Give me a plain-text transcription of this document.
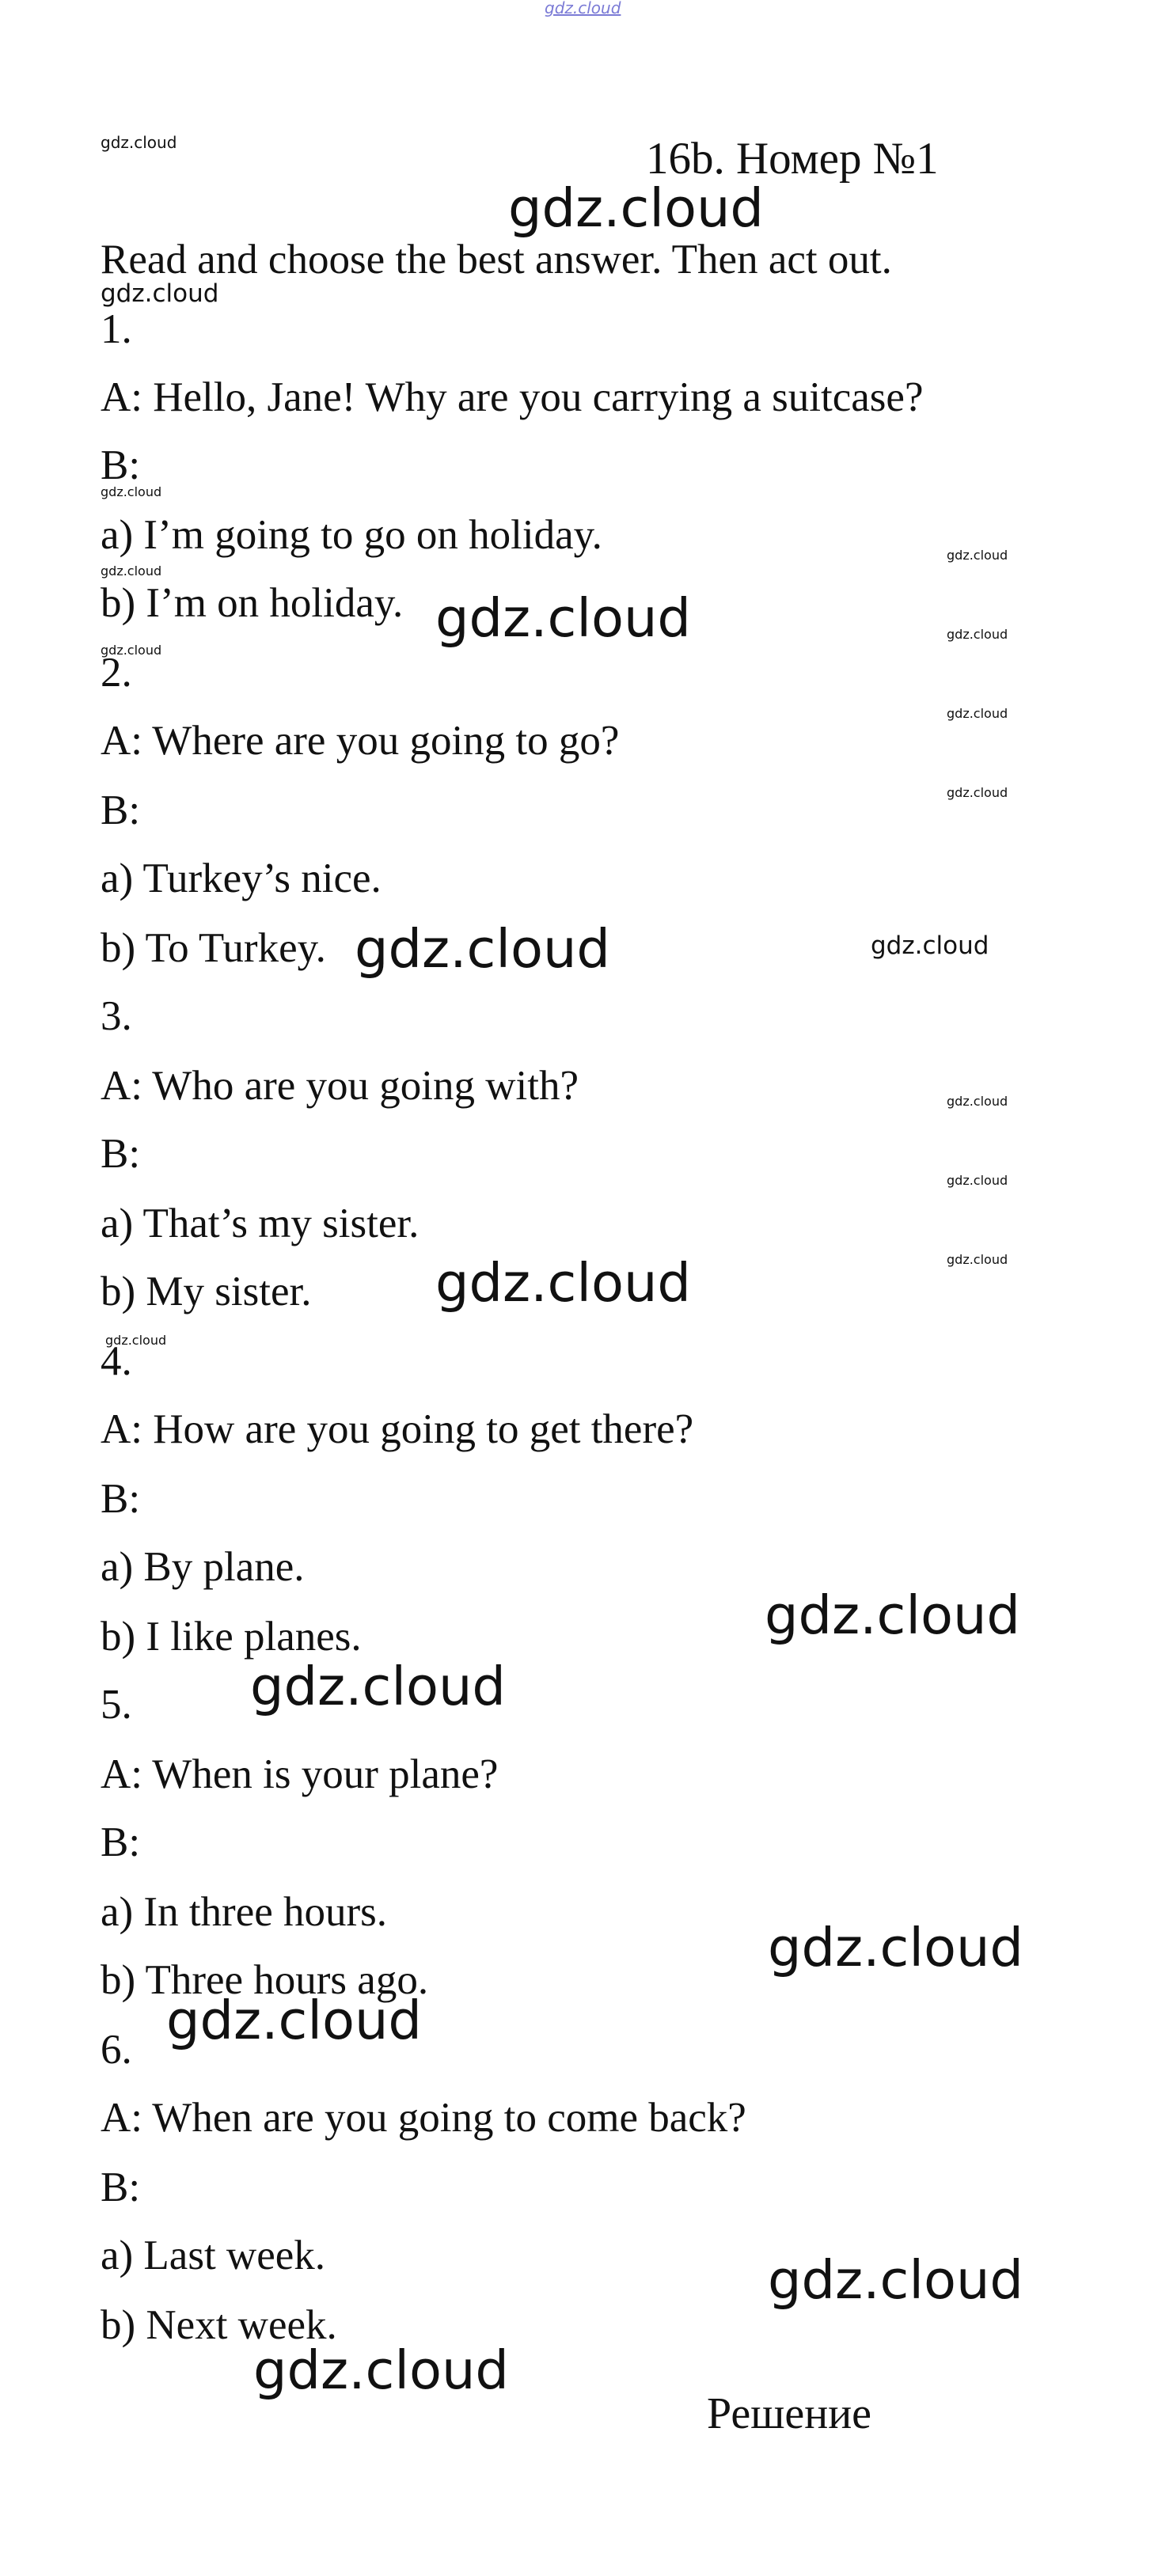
gdz.cloud
16b. Номер №1
Read and choose the best answer. Then act out.
1.
A: Hello, Jane! Why are you carrying a suitcase?
B:
a) I’m going to go on holiday.
b) I’m on holiday.
2.
A: Where are you going to go?
B:
a) Turkey’s nice.
b) To Turkey.
3.
A: Who are you going with?
B:
a) That’s my sister.
b) My sister.
4.
A: How are you going to get there?
B:
a) By plane.
b) I like planes.
5.
A: When is your plane?
B:
a) In three hours.
b) Three hours ago.
6.
A: When are you going to come back?
B:
a) Last week.
b) Next week.
Решение
gdz.cloud
gdz.cloud
gdz.cloud
gdz.cloud
gdz.cloud
gdz.cloud
gdz.cloud
gdz.cloud
gdz.cloud
gdz.cloud
gdz.cloud
gdz.cloud
gdz.cloud
gdz.cloud
gdz.cloud
gdz.cloud
gdz.cloud
gdz.cloud
gdz.cloud
gdz.cloud
gdz.cloud
gdz.cloud
gdz.cloud
gdz.cloud
